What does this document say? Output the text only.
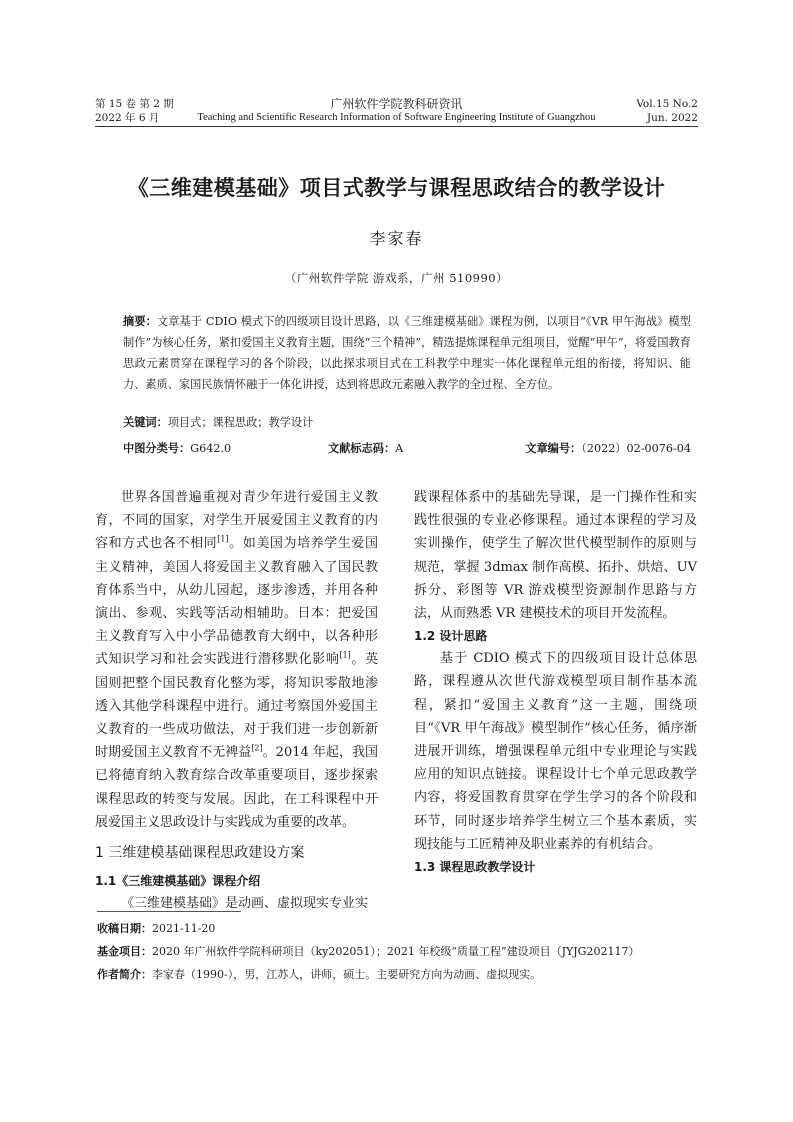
第 15 卷 第 2 期
2022 年 6 月
广州软件学院教科研资讯
Teaching and Scientific Research Information of Software Engineering Institute of Guangzhou
Vol.15 No.2
Jun. 2022
《三维建模基础》项目式教学与课程思政结合的教学设计
李家春
（广州软件学院 游戏系，广州 510990）
摘要：文章基于 CDIO 模式下的四级项目设计思路，以《三维建模基础》课程为例，以项目“《VR 甲午海战》模型制作”为核心任务，紧扣爱国主义教育主题，围绕“三个精神”，精选提炼课程单元组项目，觉醒“甲午”，将爱国教育思政元素贯穿在课程学习的各个阶段，以此探求项目式在工科教学中理实一体化课程单元组的衔接，将知识、能力、素质、家国民族情怀融于一体化讲授，达到将思政元素融入教学的全过程、全方位。
关键词：项目式；课程思政；教学设计
中图分类号：G642.0	文献标志码：A	文章编号：（2022）02-0076-04

世界各国普遍重视对青少年进行爱国主义教育，不同的国家，对学生开展爱国主义教育的内容和方式也各不相同[1]。如美国为培养学生爱国主义精神，美国人将爱国主义教育融入了国民教育体系当中，从幼儿园起，逐步渗透，并用各种演出、参观、实践等活动相辅助。日本：把爱国主义教育写入中小学品德教育大纲中，以各种形式知识学习和社会实践进行潜移默化影响[1]。英国则把整个国民教育化整为零，将知识零散地渗透入其他学科课程中进行。通过考察国外爱国主义教育的一些成功做法，对于我们进一步创新新时期爱国主义教育不无裨益[2]。2014 年起，我国已将德育纳入教育综合改革重要项目，逐步探索课程思政的转变与发展。因此，在工科课程中开展爱国主义思政设计与实践成为重要的改革。

1 三维建模基础课程思政建设方案
1.1《三维建模基础》课程介绍

《三维建模基础》是动画、虚拟现实专业实

践课程体系中的基础先导课，是一门操作性和实践性很强的专业必修课程。通过本课程的学习及实训操作，使学生了解次世代模型制作的原则与规范，掌握 3dmax 制作高模、拓扑、烘焙、UV 拆分、彩图等 VR 游戏模型资源制作思路与方法，从而熟悉 VR 建模技术的项目开发流程。

1.2 设计思路

基于 CDIO 模式下的四级项目设计总体思路，课程遵从次世代游戏模型项目制作基本流程，紧扣“爱国主义教育”这一主题，围绕项目“《VR 甲午海战》模型制作”核心任务，循序渐进展开训练，增强课程单元组中专业理论与实践应用的知识点链接。课程设计七个单元思政教学内容，将爱国教育贯穿在学生学习的各个阶段和环节，同时逐步培养学生树立三个基本素质，实现技能与工匠精神及职业素养的有机结合。

1.3 课程思政教学设计
收稿日期：2021-11-20
基金项目：2020 年广州软件学院科研项目（ky202051）；2021 年校级“质量工程”建设项目（JYJG202117）
作者简介：李家春（1990-），男，江苏人，讲师，硕士。主要研究方向为动画、虚拟现实。
